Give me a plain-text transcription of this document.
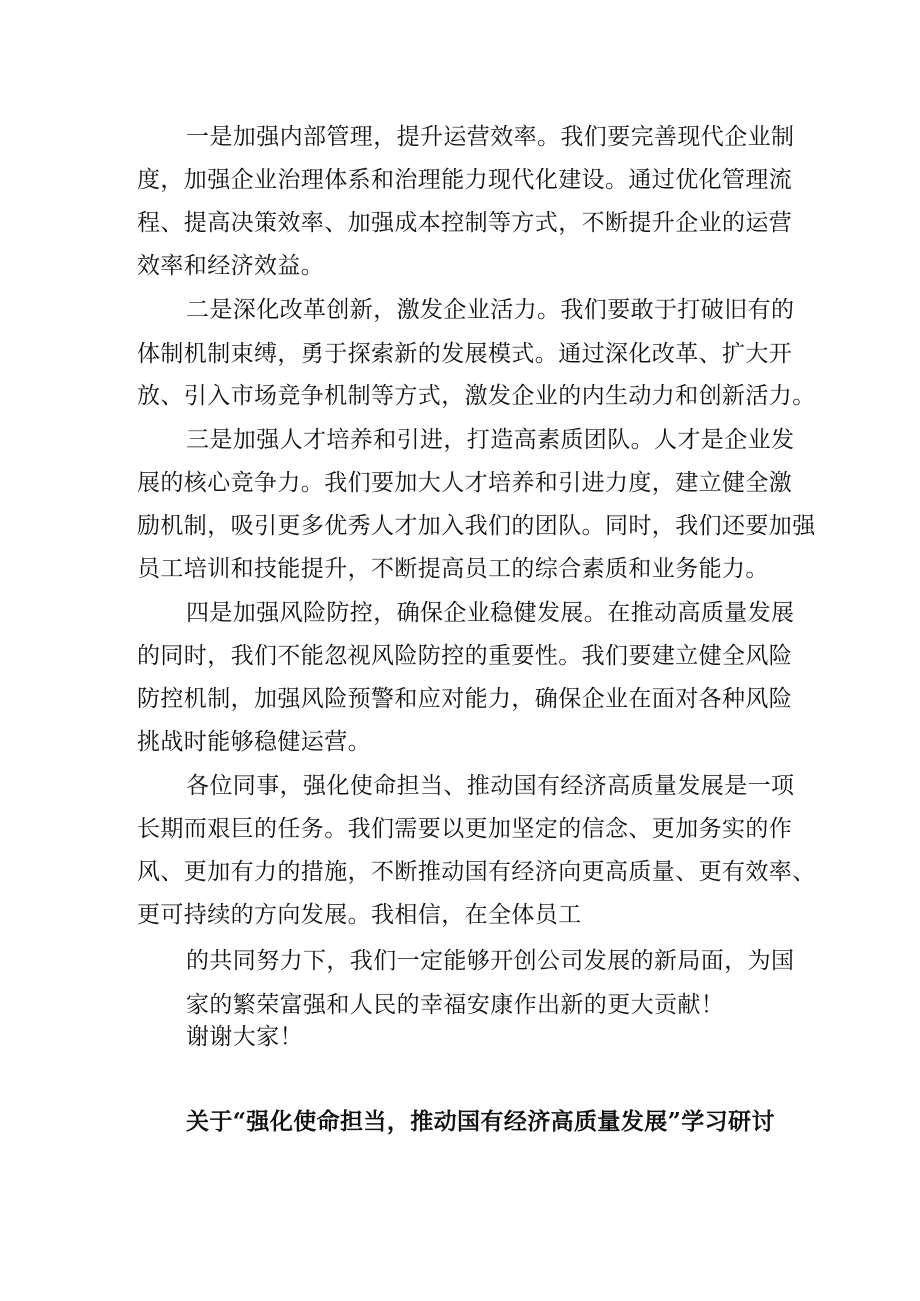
一是加强内部管理，提升运营效率。我们要完善现代企业制
度，加强企业治理体系和治理能力现代化建设。通过优化管理流
程、提高决策效率、加强成本控制等方式，不断提升企业的运营
效率和经济效益。
二是深化改革创新，激发企业活力。我们要敢于打破旧有的
体制机制束缚，勇于探索新的发展模式。通过深化改革、扩大开
放、引入市场竞争机制等方式，激发企业的内生动力和创新活力。
三是加强人才培养和引进，打造高素质团队。人才是企业发
展的核心竞争力。我们要加大人才培养和引进力度，建立健全激
励机制，吸引更多优秀人才加入我们的团队。同时，我们还要加强
员工培训和技能提升，不断提高员工的综合素质和业务能力。
四是加强风险防控，确保企业稳健发展。在推动高质量发展
的同时，我们不能忽视风险防控的重要性。我们要建立健全风险
防控机制，加强风险预警和应对能力，确保企业在面对各种风险
挑战时能够稳健运营。
各位同事，强化使命担当、推动国有经济高质量发展是一项
长期而艰巨的任务。我们需要以更加坚定的信念、更加务实的作
风、更加有力的措施，不断推动国有经济向更高质量、更有效率、
更可持续的方向发展。我相信，在全体员工
的共同努力下，我们一定能够开创公司发展的新局面，为国
家的繁荣富强和人民的幸福安康作出新的更大贡献！
谢谢大家！
关于“强化使命担当，推动国有经济高质量发展”学习研讨
